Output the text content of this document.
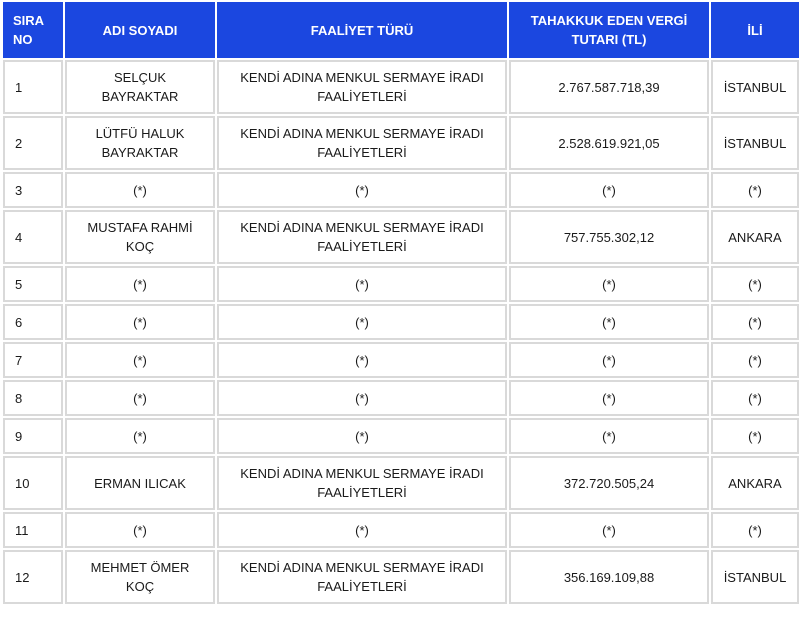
SIRA NO	ADI SOYADI	FAALİYET TÜRÜ	TAHAKKUK EDEN VERGİ TUTARI (TL)	İLİ
1	SELÇUK BAYRAKTAR	KENDİ ADINA MENKUL SERMAYE İRADI FAALİYETLERİ	2.767.587.718,39	İSTANBUL
2	LÜTFÜ HALUK BAYRAKTAR	KENDİ ADINA MENKUL SERMAYE İRADI FAALİYETLERİ	2.528.619.921,05	İSTANBUL
3	(*)	(*)	(*)	(*)
4	MUSTAFA RAHMİ KOÇ	KENDİ ADINA MENKUL SERMAYE İRADI FAALİYETLERİ	757.755.302,12	ANKARA
5	(*)	(*)	(*)	(*)
6	(*)	(*)	(*)	(*)
7	(*)	(*)	(*)	(*)
8	(*)	(*)	(*)	(*)
9	(*)	(*)	(*)	(*)
10	ERMAN ILICAK	KENDİ ADINA MENKUL SERMAYE İRADI FAALİYETLERİ	372.720.505,24	ANKARA
11	(*)	(*)	(*)	(*)
12	MEHMET ÖMER KOÇ	KENDİ ADINA MENKUL SERMAYE İRADI FAALİYETLERİ	356.169.109,88	İSTANBUL
